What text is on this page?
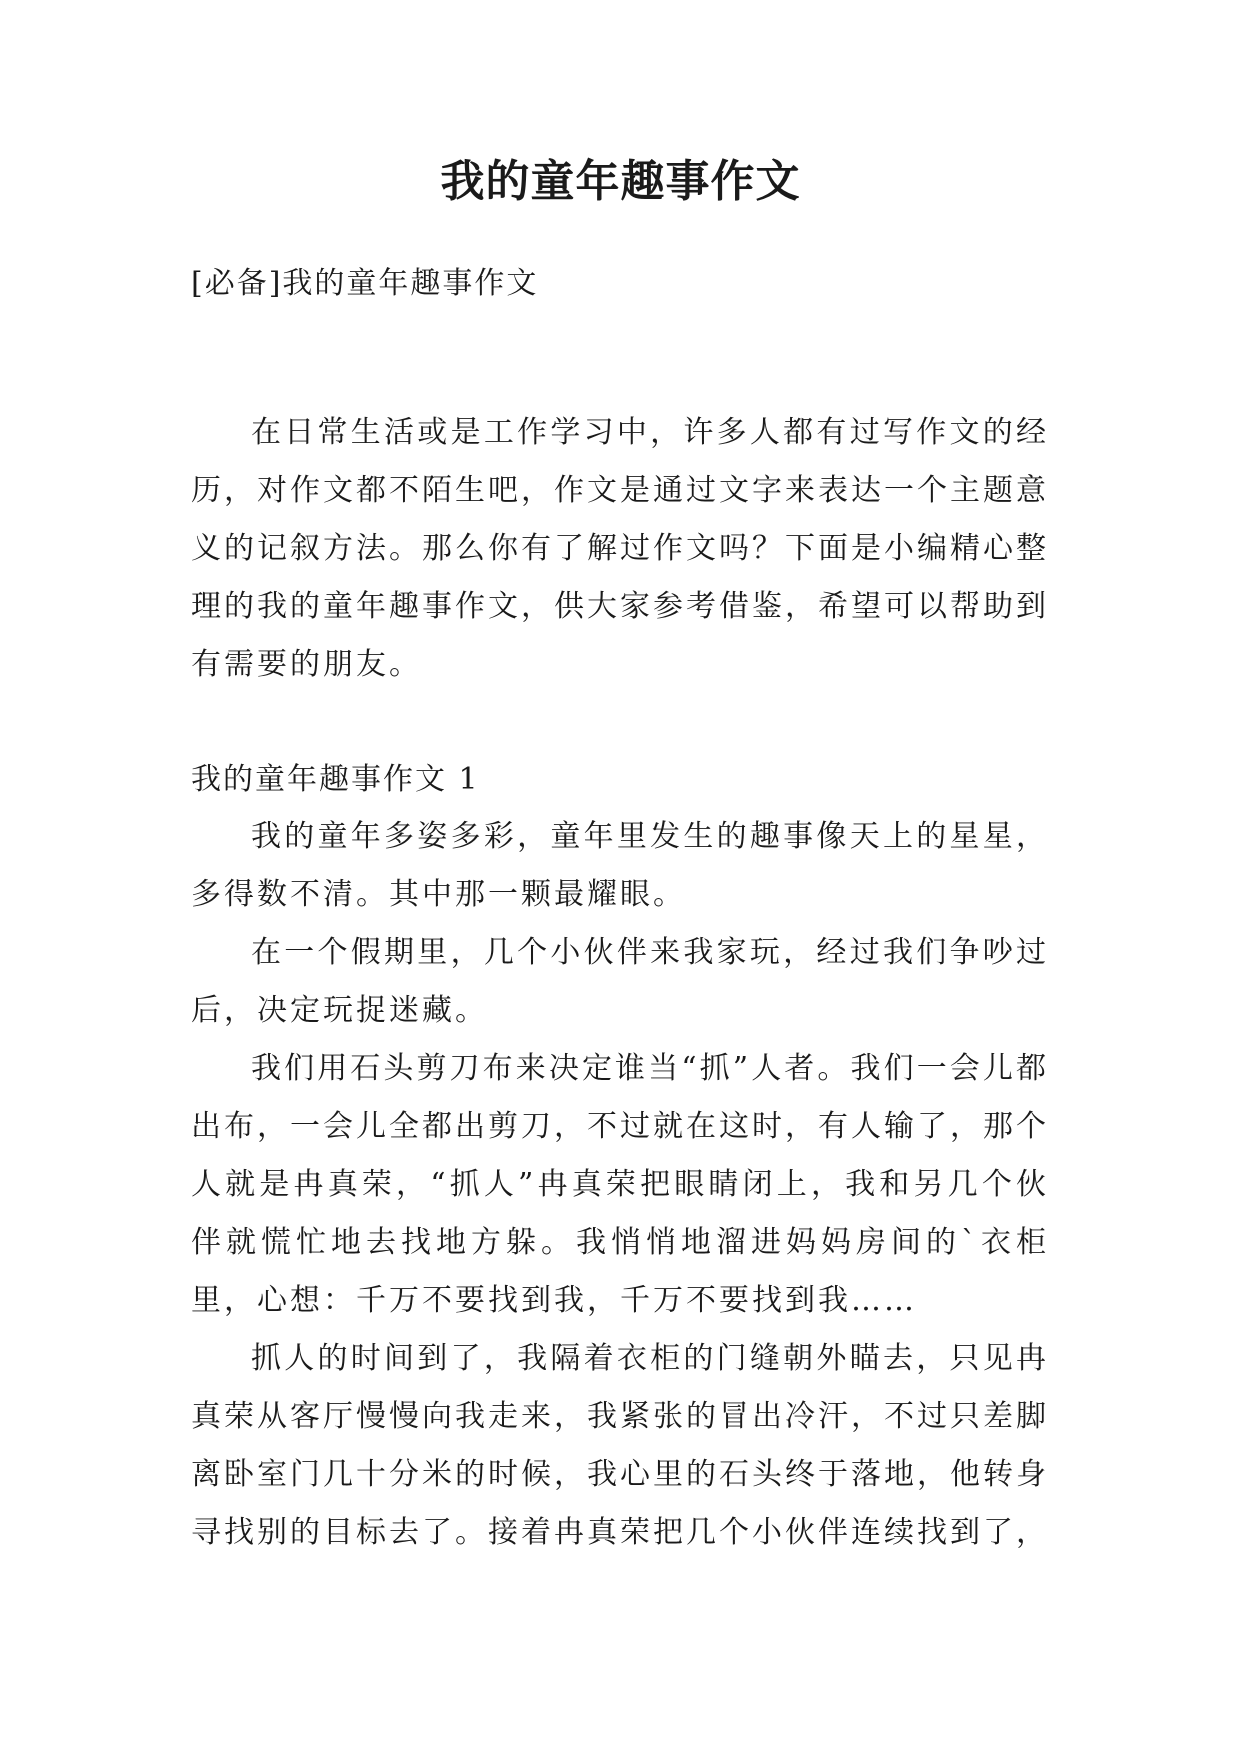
我的童年趣事作文
[必备]我的童年趣事作文

在日常生活或是工作学习中，许多人都有过写作文的经历，对作文都不陌生吧，作文是通过文字来表达一个主题意义的记叙方法。那么你有了解过作文吗？下面是小编精心整理的我的童年趣事作文，供大家参考借鉴，希望可以帮助到有需要的朋友。

我的童年趣事作文 1

我的童年多姿多彩，童年里发生的趣事像天上的星星，多得数不清。其中那一颗最耀眼。

在一个假期里，几个小伙伴来我家玩，经过我们争吵过后，决定玩捉迷藏。

我们用石头剪刀布来决定谁当“抓”人者。我们一会儿都出布，一会儿全都出剪刀，不过就在这时，有人输了，那个人就是冉真荣，“抓人”冉真荣把眼睛闭上，我和另几个伙伴就慌忙地去找地方躲。我悄悄地溜进妈妈房间的`衣柜里，心想：千万不要找到我，千万不要找到我……

抓人的时间到了，我隔着衣柜的门缝朝外瞄去，只见冉真荣从客厅慢慢向我走来，我紧张的冒出冷汗，不过只差脚离卧室门几十分米的时候，我心里的石头终于落地，他转身寻找别的目标去了。接着冉真荣把几个小伙伴连续找到了，
